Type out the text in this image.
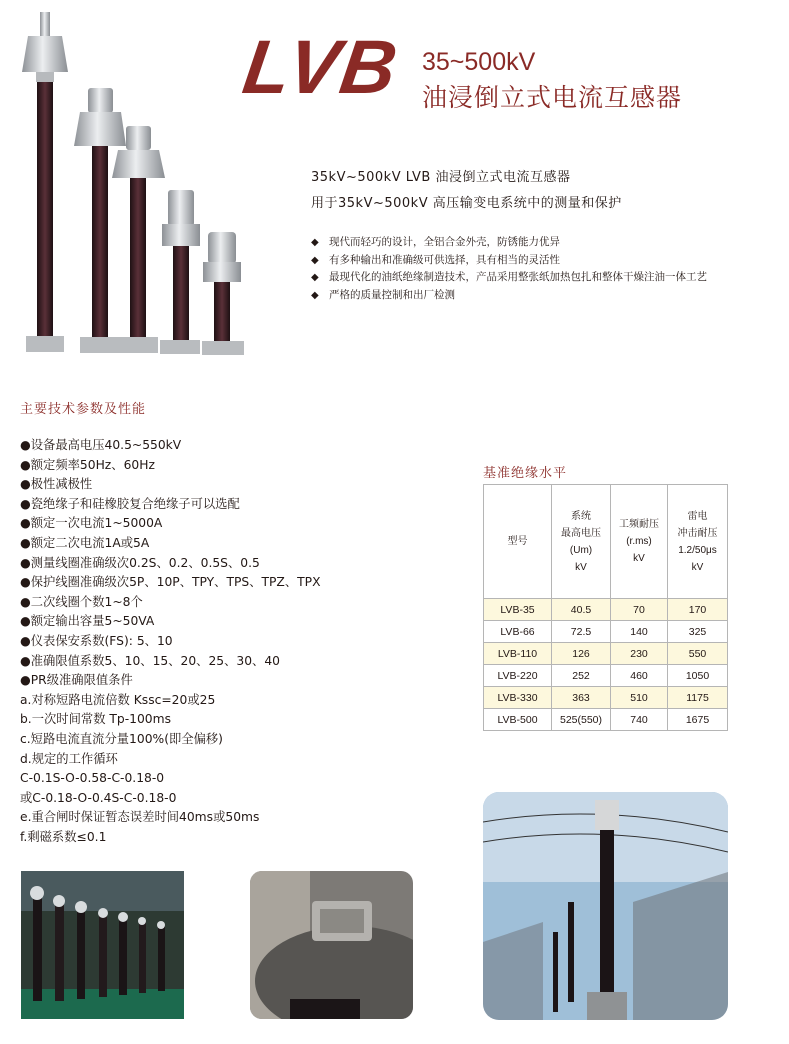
LVB 35~500kV
油浸倒立式电流互感器
35kV~500kV LVB 油浸倒立式电流互感器
用于35kV~500kV 高压输变电系统中的测量和保护
◆ 现代而轻巧的设计，全铝合金外壳，防锈能力优异
◆ 有多种输出和准确级可供选择，具有相当的灵活性
◆ 最现代化的油纸绝缘制造技术，产品采用整张纸加热包扎和整体干燥注油一体工艺
◆ 严格的质量控制和出厂检测
主要技术参数及性能
●设备最高电压40.5~550kV
●额定频率50Hz、60Hz
●极性减极性
●瓷绝缘子和硅橡胶复合绝缘子可以选配
●额定一次电流1~5000A
●额定二次电流1A或5A
●测量线圈准确级次0.2S、0.2、0.5S、0.5
●保护线圈准确级次5P、10P、TPY、TPS、TPZ、TPX
●二次线圈个数1~8个
●额定输出容量5~50VA
●仪表保安系数(FS): 5、10
●准确限值系数5、10、15、20、25、30、40
●PR级准确限值条件
a.对称短路电流倍数 Kssc=20或25
b.一次时间常数 Tp-100ms
c.短路电流直流分量100%(即全偏移)
d.规定的工作循环
C-0.1S-O-0.58-C-0.18-0
或C-0.18-O-0.4S-C-0.18-0
e.重合闸时保证暂态误差时间40ms或50ms
f.剩磁系数≤0.1
基准绝缘水平
型号	系统
最高电压
(Um)
kV	工频耐压
(r.ms)
kV	雷电
冲击耐压
1.2/50μs
kV
LVB-35	40.5	70	170
LVB-66	72.5	140	325
LVB-110	126	230	550
LVB-220	252	460	1050
LVB-330	363	510	1175
LVB-500	525(550)	740	1675
